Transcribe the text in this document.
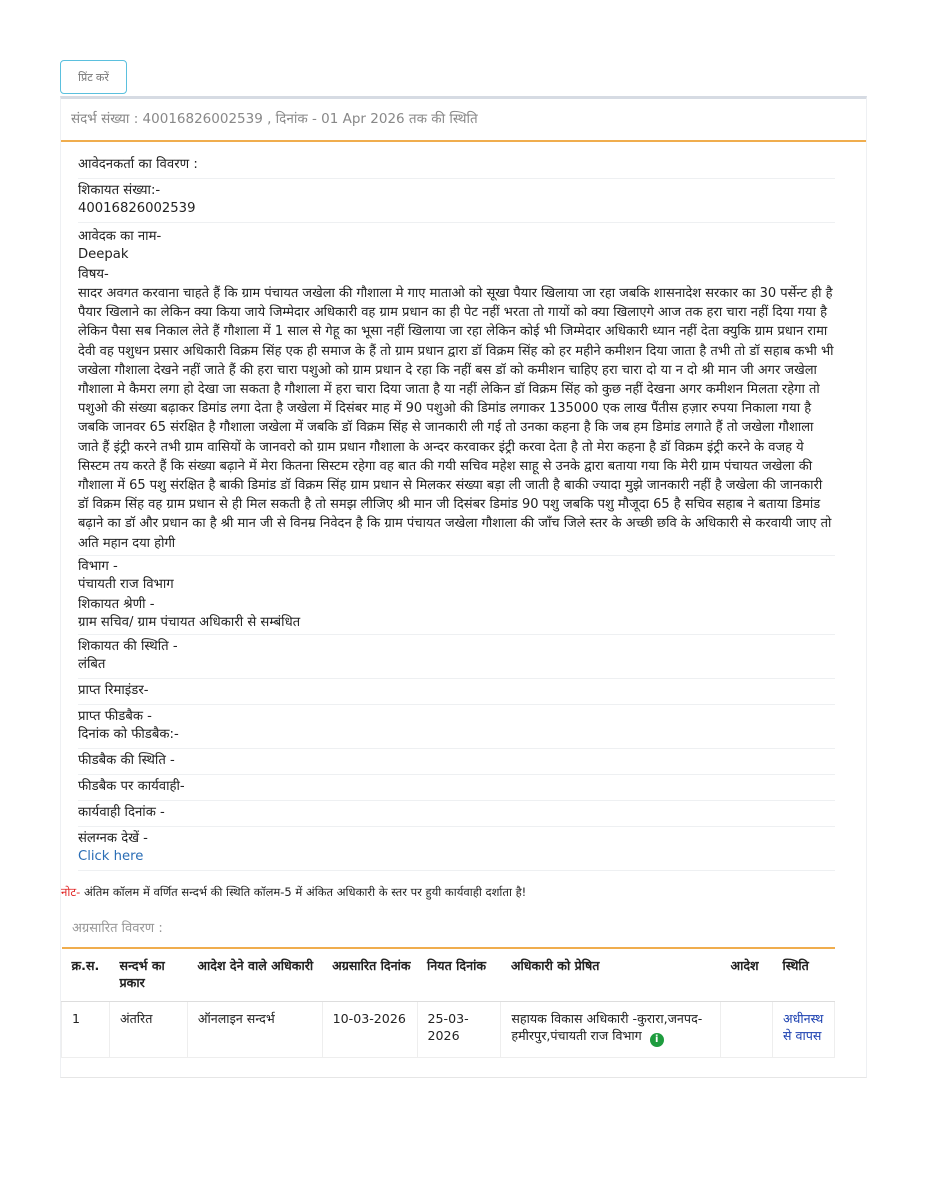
प्रिंट करें
संदर्भ संख्या : 40016826002539 , दिनांक - 01 Apr 2026 तक की स्थिति
आवेदनकर्ता का विवरण :
शिकायत संख्या:-
40016826002539
आवेदक का नाम-
Deepak
विषय-

सादर अवगत करवाना चाहते हैं कि ग्राम पंचायत जखेला की गौशाला मे गाए माताओ को सूखा पैयार खिलाया जा रहा जबकि शासनादेश सरकार का 30 पर्सेन्ट ही है पैयार खिलाने का लेकिन क्या किया जाये जिम्मेदार अधिकारी वह ग्राम प्रधान का ही पेट नहीं भरता तो गायों को क्या खिलाएगे आज तक हरा चारा नहीं दिया गया है लेकिन पैसा सब निकाल लेते हैं गौशाला में 1 साल से गेहू का भूसा नहीं खिलाया जा रहा लेकिन कोई भी जिम्मेदार अधिकारी ध्यान नहीं देता क्युकि ग्राम प्रधान रामा देवी वह पशुधन प्रसार अधिकारी विक्रम सिंह एक ही समाज के हैं तो ग्राम प्रधान द्वारा डॉ विक्रम सिंह को हर महीने कमीशन दिया जाता है तभी तो डॉ सहाब कभी भी जखेला गौशाला देखने नहीं जाते हैं की हरा चारा पशुओ को ग्राम प्रधान दे रहा कि नहीं बस डॉ को कमीशन चाहिए हरा चारा दो या न दो श्री मान जी अगर जखेला गौशाला मे कैमरा लगा हो देखा जा सकता है गौशाला में हरा चारा दिया जाता है या नहीं लेकिन डॉ विक्रम सिंह को कुछ नहीं देखना अगर कमीशन मिलता रहेगा तो पशुओ की संख्या बढ़ाकर डिमांड लगा देता है जखेला में दिसंबर माह में 90 पशुओ की डिमांड लगाकर 135000 एक लाख पैंतीस हज़ार रुपया निकाला गया है जबकि जानवर 65 संरक्षित है गौशाला जखेला में जबकि डॉ विक्रम सिंह से जानकारी ली गई तो उनका कहना है कि जब हम डिमांड लगाते हैं तो जखेला गौशाला जाते हैं इंट्री करने तभी ग्राम वासियों के जानवरो को ग्राम प्रधान गौशाला के अन्दर करवाकर इंट्री करवा देता है तो मेरा कहना है डॉ विक्रम इंट्री करने के वजह ये सिस्टम तय करते हैं कि संख्या बढ़ाने में मेरा कितना सिस्टम रहेगा वह बात की गयी सचिव महेश साहू से उनके द्वारा बताया गया कि मेरी ग्राम पंचायत जखेला की गौशाला में 65 पशु संरक्षित है बाकी डिमांड डॉ विक्रम सिंह ग्राम प्रधान से मिलकर संख्या बड़ा ली जाती है बाकी ज्यादा मुझे जानकारी नहीं है जखेला की जानकारी डॉ विक्रम सिंह वह ग्राम प्रधान से ही मिल सकती है तो समझ लीजिए श्री मान जी दिसंबर डिमांड 90 पशु जबकि पशु मौजूदा 65 है सचिव सहाब ने बताया डिमांड बढ़ाने का डॉ और प्रधान का है श्री मान जी से विनम्र निवेदन है कि ग्राम पंचायत जखेला गौशाला की जाँच जिले स्तर के अच्छी छवि के अधिकारी से करवायी जाए तो अति महान दया होगी

विभाग -
पंचायती राज विभाग
शिकायत श्रेणी -
ग्राम सचिव/ ग्राम पंचायत अधिकारी से सम्बंधित
शिकायत की स्थिति -
लंबित
प्राप्त रिमाइंडर-
प्राप्त फीडबैक -
दिनांक को फीडबैक:-
फीडबैक की स्थिति -
फीडबैक पर कार्यवाही-
कार्यवाही दिनांक -
संलग्नक देखें -
Click here
नोट- अंतिम कॉलम में वर्णित सन्दर्भ की स्थिति कॉलम-5 में अंकित अधिकारी के स्तर पर हुयी कार्यवाही दर्शाता है!
अग्रसारित विवरण :
क्र.स.	सन्दर्भ का प्रकार	आदेश देने वाले अधिकारी	अग्रसारित दिनांक	नियत दिनांक	अधिकारी को प्रेषित	आदेश	स्थिति
1	अंतरित	ऑनलाइन सन्दर्भ	10-03-2026	25-03-2026	सहायक विकास अधिकारी -कुरारा,जनपद-हमीरपुर,पंचायती राज विभाग i		अधीनस्थ से वापस
